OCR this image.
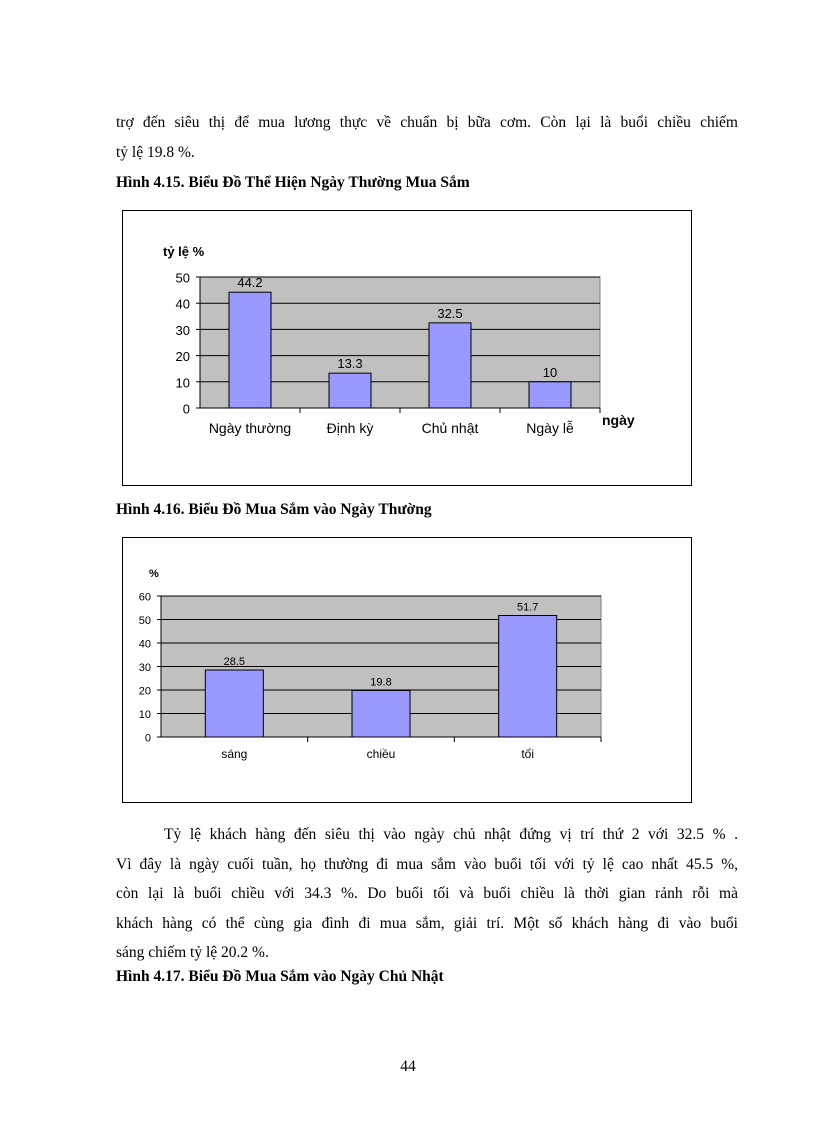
trợ đến siêu thị để mua lương thực về chuẩn bị bữa cơm. Còn lại là buổi chiều chiếm
tỷ lệ 19.8 %.

Hình 4.15. Biểu Đồ Thể Hiện Ngày Thường Mua Sắm

0
10
20
30
40
50	44.2
Ngày thường
13.3
Định kỳ
32.5
Chủ nhật
10
Ngày lễ
tỷ lệ %
ngày

Hình 4.16. Biểu Đồ Mua Sắm vào Ngày Thường

0
10
20
30
40
50
60
28.5
sáng
19.8
chiều
51.7
tối
%

Tỷ lệ khách hàng đến siêu thị vào ngày chủ nhật đứng vị trí thứ 2 với 32.5 % .
Vì đây là ngày cuối tuần, họ thường đi mua sắm vào buổi tối với tỷ lệ cao nhất 45.5 %,
còn lại là buổi chiều với 34.3 %. Do buổi tối và buổi chiều là thời gian rảnh rỗi mà
khách hàng có thể cùng gia đình đi mua sắm, giải trí. Một số khách hàng đi vào buổi
sáng chiếm tỷ lệ 20.2 %.

Hình 4.17. Biểu Đồ Mua Sắm vào Ngày Chủ Nhật

44
